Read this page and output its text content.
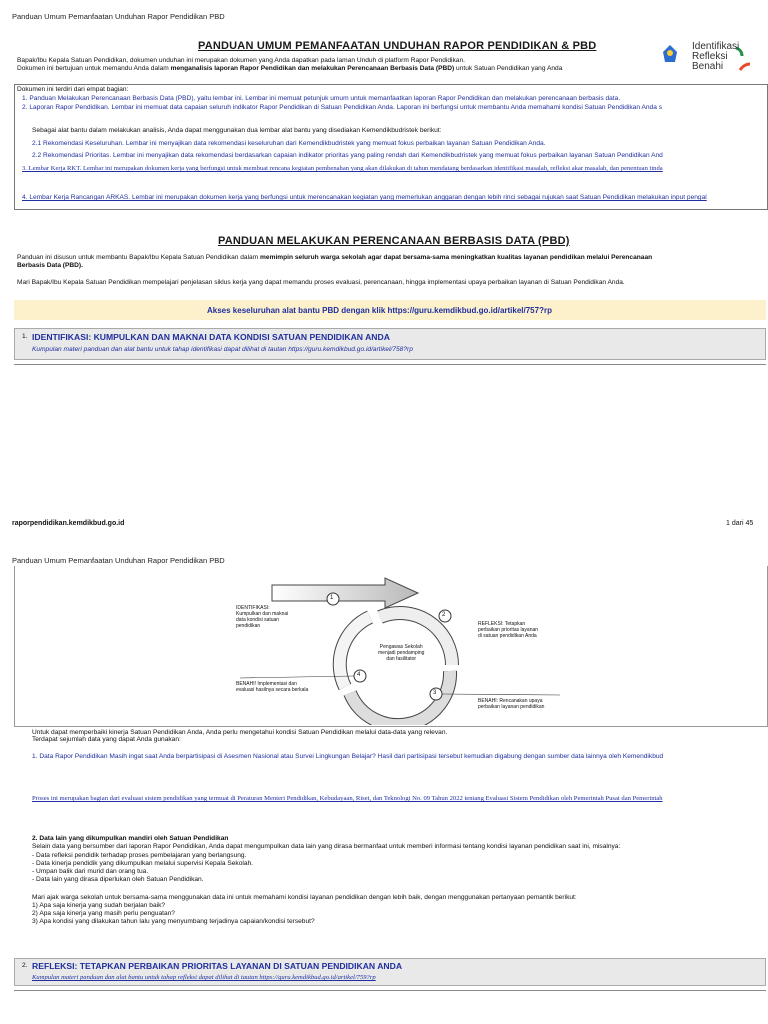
Panduan Umum Pemanfaatan Unduhan Rapor Pendidikan PBD
PANDUAN UMUM PEMANFAATAN UNDUHAN RAPOR PENDIDIKAN & PBD	Identifikasi
Refleksi
Benahi
Bapak/Ibu Kepala Satuan Pendidikan, dokumen unduhan ini merupakan dokumen yang Anda dapatkan pada laman Unduh di platform Rapor Pendidikan.
Dokumen ini bertujuan untuk memandu Anda dalam menganalisis laporan Rapor Pendidikan dan melakukan Perencanaan Berbasis Data (PBD) untuk Satuan Pendidikan yang Anda
Dokumen ini terdiri dari empat bagian:
1. Panduan Melakukan Perencanaan Berbasis Data (PBD), yaitu lembar ini. Lembar ini memuat petunjuk umum untuk memanfaatkan laporan Rapor Pendidikan dan melakukan perencanaan berbasis data.
2. Laporan Rapor Pendidikan. Lembar ini memuat data capaian seluruh indikator Rapor Pendidikan di Satuan Pendidikan Anda. Laporan ini berfungsi untuk membantu Anda memahami kondisi Satuan Pendidikan Anda s
Sebagai alat bantu dalam melakukan analisis, Anda dapat menggunakan dua lembar alat bantu yang disediakan Kemendikbudristek berikut:
2.1 Rekomendasi Keseluruhan. Lembar ini menyajikan data rekomendasi keseluruhan dari Kemendikbudristek yang memuat fokus perbaikan layanan Satuan Pendidikan Anda.
2.2 Rekomendasi Prioritas. Lembar ini menyajikan data rekomendasi berdasarkan capaian indikator prioritas yang paling rendah dari Kemendikbudristek yang memuat fokus perbaikan layanan Satuan Pendidikan And
3. Lembar Kerja RKT. Lembar ini merupakan dokumen kerja yang berfungsi untuk membuat rencana kegiatan pembenahan yang akan dilakukan di tahun mendatang berdasarkan identifikasi masalah, refleksi akar masalah, dan penentuan tinda
4. Lembar Kerja Rancangan ARKAS. Lembar ini merupakan dokumen kerja yang berfungsi untuk merencanakan kegiatan yang memerlukan anggaran dengan lebih rinci sebagai rujukan saat Satuan Pendidikan melakukan input pengal
PANDUAN MELAKUKAN PERENCANAAN BERBASIS DATA (PBD)
Panduan ini disusun untuk membantu Bapak/Ibu Kepala Satuan Pendidikan dalam memimpin seluruh warga sekolah agar dapat bersama-sama meningkatkan kualitas layanan pendidikan melalui Perencanaan
Berbasis Data (PBD).
Mari Bapak/Ibu Kepala Satuan Pendidikan mempelajari penjelasan siklus kerja yang dapat memandu proses evaluasi, perencanaan, hingga implementasi upaya perbaikan layanan di Satuan Pendidikan Anda.
Akses keseluruhan alat bantu PBD dengan klik https://guru.kemdikbud.go.id/artikel/757?rp
1. IDENTIFIKASI: KUMPULKAN DAN MAKNAI DATA KONDISI SATUAN PENDIDIKAN ANDA
Kumpulan materi panduan dan alat bantu untuk tahap identifikasi dapat dilihat di tautan https://guru.kemdikbud.go.id/artikel/758?rp
raporpendidikan.kemdikbud.go.id	1 dari 45
Panduan Umum Pemanfaatan Unduhan Rapor Pendidikan PBD
1
2
3
4
IDENTIFIKASI:
Kumpulkan dan maknai
data kondisi satuan
pendidikan	REFLEKSI: Tetapkan
perbaikan prioritas layanan
di satuan pendidikan Anda
BENAHI: Rencanakan upaya
perbaikan layanan pendidikan
BENAHI! Implementasi dan
evaluasi hasilnya secara berkala
Pengawas Sekolah
menjadi pendamping
dan fasilitator
Untuk dapat memperbaiki kinerja Satuan Pendidikan Anda, Anda perlu mengetahui kondisi Satuan Pendidikan melalui data-data yang relevan.
Terdapat sejumlah data yang dapat Anda gunakan:
1. Data Rapor Pendidikan Masih ingat saat Anda berpartisipasi di Asesmen Nasional atau Survei Lingkungan Belajar? Hasil dari partisipasi tersebut kemudian digabung dengan sumber data lainnya oleh Kemendikbud
Proses ini merupakan bagian dari evaluasi sistem pendidikan yang termuat di Peraturan Menteri Pendidikan, Kebudayaan, Riset, dan Teknologi No. 09 Tahun 2022 tentang Evaluasi Sistem Pendidikan oleh Pemerintah Pusat dan Pemerintah
2. Data lain yang dikumpulkan mandiri oleh Satuan Pendidikan
Selain data yang bersumber dari laporan Rapor Pendidikan, Anda dapat mengumpulkan data lain yang dirasa bermanfaat untuk memberi informasi tentang kondisi layanan pendidikan saat ini, misalnya:
- Data refleksi pendidik terhadap proses pembelajaran yang berlangsung.
- Data kinerja pendidik yang dikumpulkan melalui supervisi Kepala Sekolah.
- Umpan balik dari murid dan orang tua.
- Data lain yang dirasa diperlukan oleh Satuan Pendidikan.
Mari ajak warga sekolah untuk bersama-sama menggunakan data ini untuk memahami kondisi layanan pendidikan dengan lebih baik, dengan menggunakan pertanyaan pemantik berikut:
1) Apa saja kinerja yang sudah berjalan baik?
2) Apa saja kinerja yang masih perlu penguatan?
3) Apa kondisi yang dilakukan tahun lalu yang menyumbang terjadinya capaian/kondisi tersebut?
2. REFLEKSI: TETAPKAN PERBAIKAN PRIORITAS LAYANAN DI SATUAN PENDIDIKAN ANDA
Kumpulan materi panduan dan alat bantu untuk tahap refleksi dapat dilihat di tautan https://guru.kemdikbud.go.id/artikel/759?rp
